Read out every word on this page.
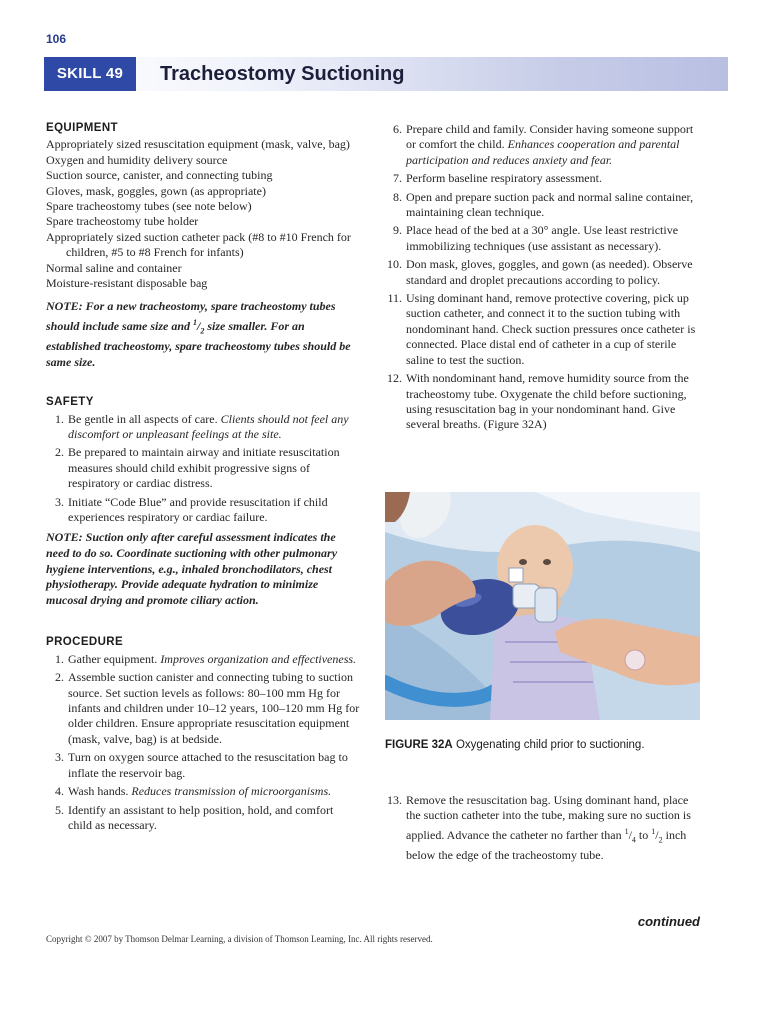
106
SKILL 49	Tracheostomy Suctioning
EQUIPMENT
Appropriately sized resuscitation equipment (mask, valve, bag)
Oxygen and humidity delivery source
Suction source, canister, and connecting tubing
Gloves, mask, goggles, gown (as appropriate)
Spare tracheostomy tubes (see note below)
Spare tracheostomy tube holder
Appropriately sized suction catheter pack (#8 to #10 French for children, #5 to #8 French for infants)
Normal saline and container
Moisture-resistant disposable bag

NOTE: For a new tracheostomy, spare tracheostomy tubes should include same size and $^1/_2$ size smaller. For an established tracheostomy, spare tracheostomy tubes should be same size.

SAFETY
1. Be gentle in all aspects of care. Clients should not feel any discomfort or unpleasant feelings at the site.
2. Be prepared to maintain airway and initiate resuscitation measures should child exhibit progressive signs of respiratory or cardiac distress.
3. Initiate “Code Blue” and provide resuscitation if child experiences respiratory or cardiac failure.

NOTE: Suction only after careful assessment indicates the need to do so. Coordinate suctioning with other pulmonary hygiene interventions, e.g., inhaled bronchodilators, chest physiotherapy. Provide adequate hydration to minimize mucosal drying and promote ciliary action.

PROCEDURE
1. Gather equipment. Improves organization and effectiveness.
2. Assemble suction canister and connecting tubing to suction source. Set suction levels as follows: 80–100 mm Hg for infants and children under 10–12 years, 100–120 mm Hg for older children. Ensure appropriate resuscitation equipment (mask, valve, bag) is at bedside.
3. Turn on oxygen source attached to the resuscitation bag to inflate the reservoir bag.
4. Wash hands. Reduces transmission of microorganisms.
5. Identify an assistant to help position, hold, and comfort child as necessary.
6. Prepare child and family. Consider having someone support or comfort the child. Enhances cooperation and parental participation and reduces anxiety and fear.
7. Perform baseline respiratory assessment.
8. Open and prepare suction pack and normal saline container, maintaining clean technique.
9. Place head of the bed at a 30° angle. Use least restrictive immobilizing techniques (use assistant as necessary).
10. Don mask, gloves, goggles, and gown (as needed). Observe standard and droplet precautions according to policy.
11. Using dominant hand, remove protective covering, pick up suction catheter, and connect it to the suction tubing with nondominant hand. Check suction pressures once catheter is connected. Place distal end of catheter in a cup of sterile saline to test the suction.
12. With nondominant hand, remove humidity source from the tracheostomy tube. Oxygenate the child before suctioning, using resuscitation bag in your nondominant hand. Give several breaths. (Figure 32A)
FIGURE 32A Oxygenating child prior to suctioning.
13. Remove the resuscitation bag. Using dominant hand, place the suction catheter into the tube, making sure no suction is applied. Advance the catheter no farther than $^1/_4$ to $^1/_2$ inch below the edge of the tracheostomy tube.
continued
Copyright © 2007 by Thomson Delmar Learning, a division of Thomson Learning, Inc. All rights reserved.
